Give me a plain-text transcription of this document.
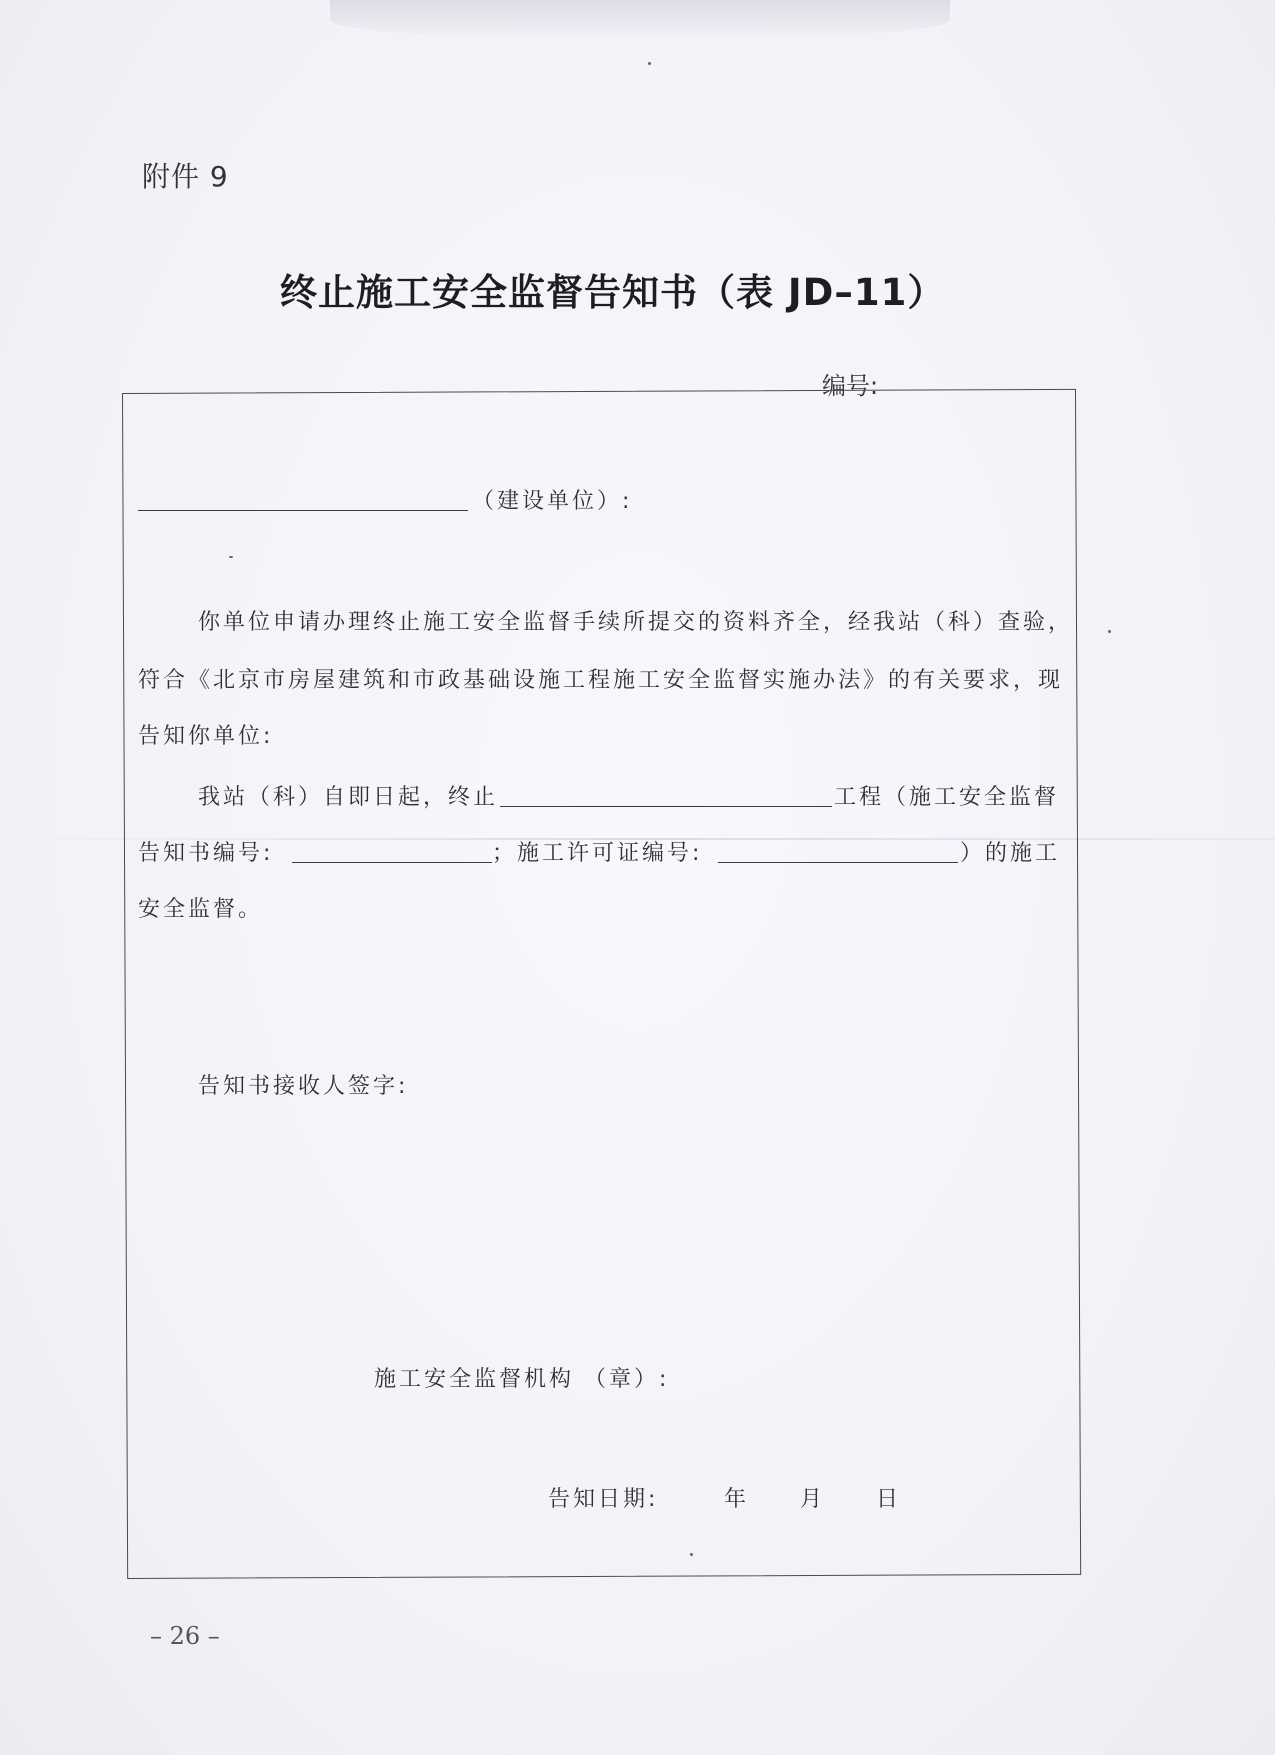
附件 9
终止施工安全监督告知书（表 JD–11）
编号:
（建设单位）:
你单位申请办理终止施工安全监督手续所提交的资料齐全，经我站（科）查验，
符合《北京市房屋建筑和市政基础设施工程施工安全监督实施办法》的有关要求，现
告知你单位:
我站（科）自即日起，终止	工程（施工安全监督
告知书编号:	；施工许可证编号:	）的施工
安全监督。
告知书接收人签字:
施工安全监督机构 （章）:
告知日期:	年 月 日
– 26 –
